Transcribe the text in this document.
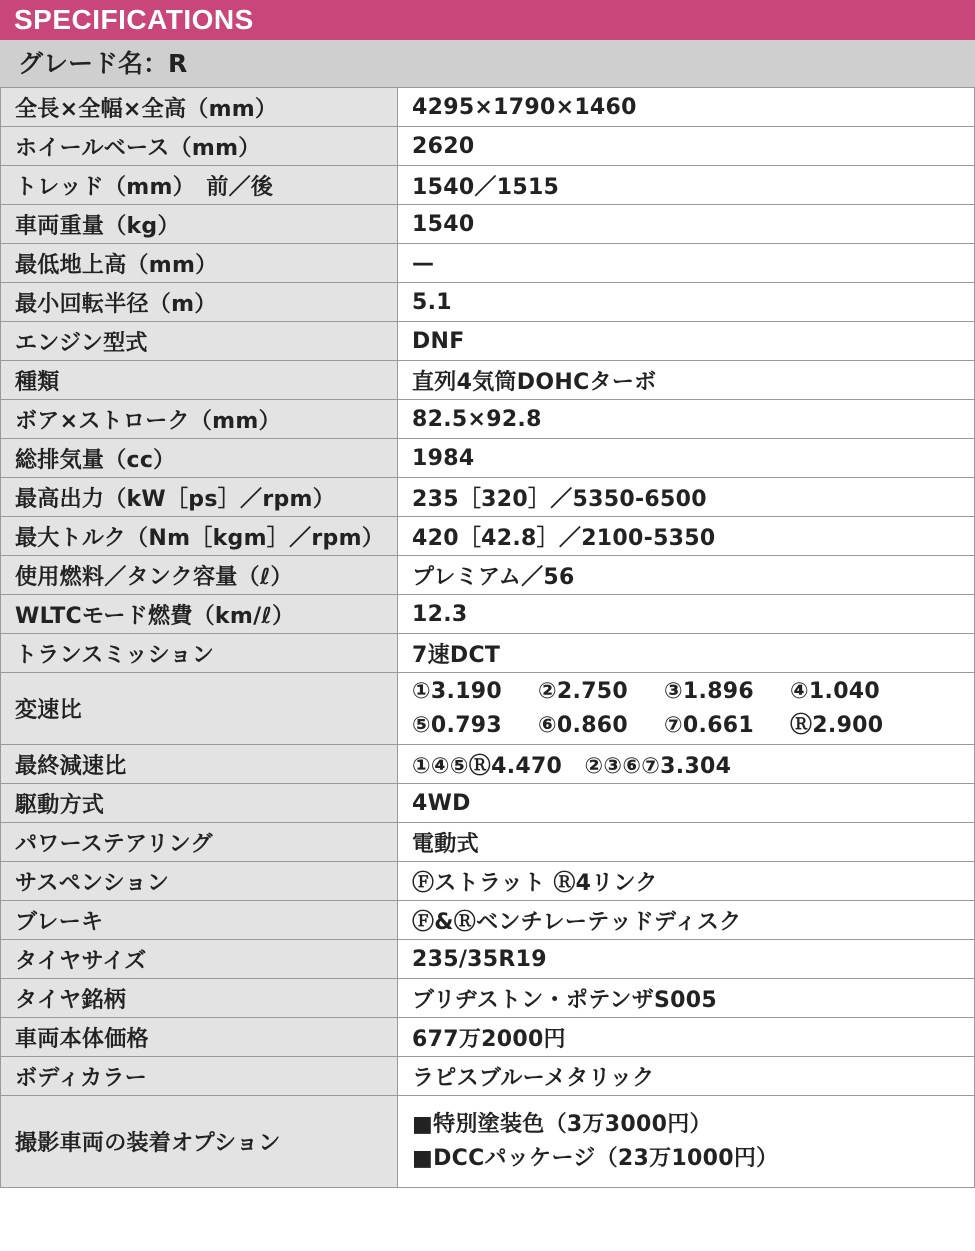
SPECIFICATIONS
グレード名：R
全長×全幅×全高（mm）	4295×1790×1460
ホイールベース（mm）	2620
トレッド（mm）　前／後	1540／1515
車両重量（kg）	1540
最低地上高（mm）	—
最小回転半径（m）	5.1
エンジン型式	DNF
種類	直列4気筒DOHCターボ
ボア×ストローク（mm）	82.5×92.8
総排気量（cc）	1984
最高出力（kW［ps］／rpm）	235［320］／5350-6500
最大トルク（Nm［kgm］／rpm）	420［42.8］／2100-5350
使用燃料／タンク容量（ℓ）	プレミアム／56
WLTCモード燃費（km/ℓ）	12.3
トランスミッション	7速DCT
変速比	①3.190 ②2.750 ③1.896 ④1.040
⑤0.793 ⑥0.860 ⑦0.661 Ⓡ2.900

最終減速比	①④⑤Ⓡ4.470　②③⑥⑦3.304
駆動方式	4WD
パワーステアリング	電動式
サスペンション	Ⓕストラット Ⓡ4リンク
ブレーキ	Ⓕ&Ⓡベンチレーテッドディスク
タイヤサイズ	235/35R19
タイヤ銘柄	ブリヂストン・ポテンザS005
車両本体価格	677万2000円
ボディカラー	ラピスブルーメタリック
撮影車両の装着オプション	■特別塗装色（3万3000円）
■DCCパッケージ（23万1000円）
